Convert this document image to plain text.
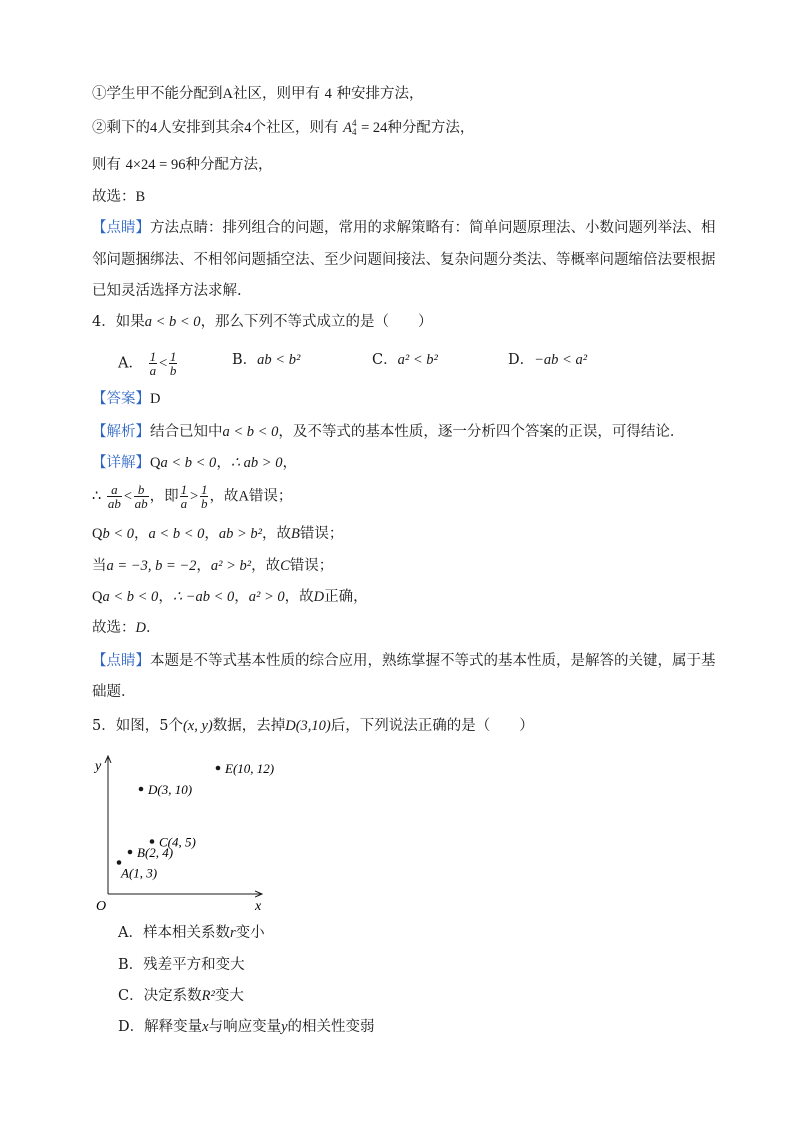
①学生甲不能分配到A社区，则甲有 4 种安排方法，
②剩下的4人安排到其余4个社区，则有 A 4
4 = 24种分配方法，
则有 4×24 = 96种分配方法，
故选：B
【点睛】方法点睛：排列组合的问题，常用的求解策略有：简单问题原理法、小数问题列举法、相
邻问题捆绑法、不相邻问题插空法、至少问题间接法、复杂问题分类法、等概率问题缩倍法要根据
已知灵活选择方法求解.
4．如果a < b < 0，那么下列不等式成立的是（　　）
A． $\frac{1}{a} < \frac{1}{b}$	B．ab < b²	C．a² < b²	D．−ab < a²
【答案】D
【解析】结合已知中a < b < 0，及不等式的基本性质，逐一分析四个答案的正误，可得结论．
【详解】Qa < b < 0，∴ ab > 0，
∴ $\frac{a}{ab} < \frac{b}{ab}$ ，即 $\frac{1}{a} > \frac{1}{b}$ ，故A错误；
Qb < 0，a < b < 0，ab > b²，故B错误；
当a = −3, b = −2，a² > b²，故C错误；
Qa < b < 0，∴ −ab < 0，a² > 0，故D正确，
故选：D．
【点睛】本题是不等式基本性质的综合应用，熟练掌握不等式的基本性质，是解答的关键，属于基
础题．
5．如图，5个(x, y)数据，去掉D(3,10)后，下列说法正确的是（　　）
y
x
O
A(1, 3)
B(2, 4)
C(4, 5)
D(3, 10)
E(10, 12)
A．样本相关系数r变小
B．残差平方和变大
C．决定系数R²变大
D．解释变量x与响应变量y的相关性变弱
